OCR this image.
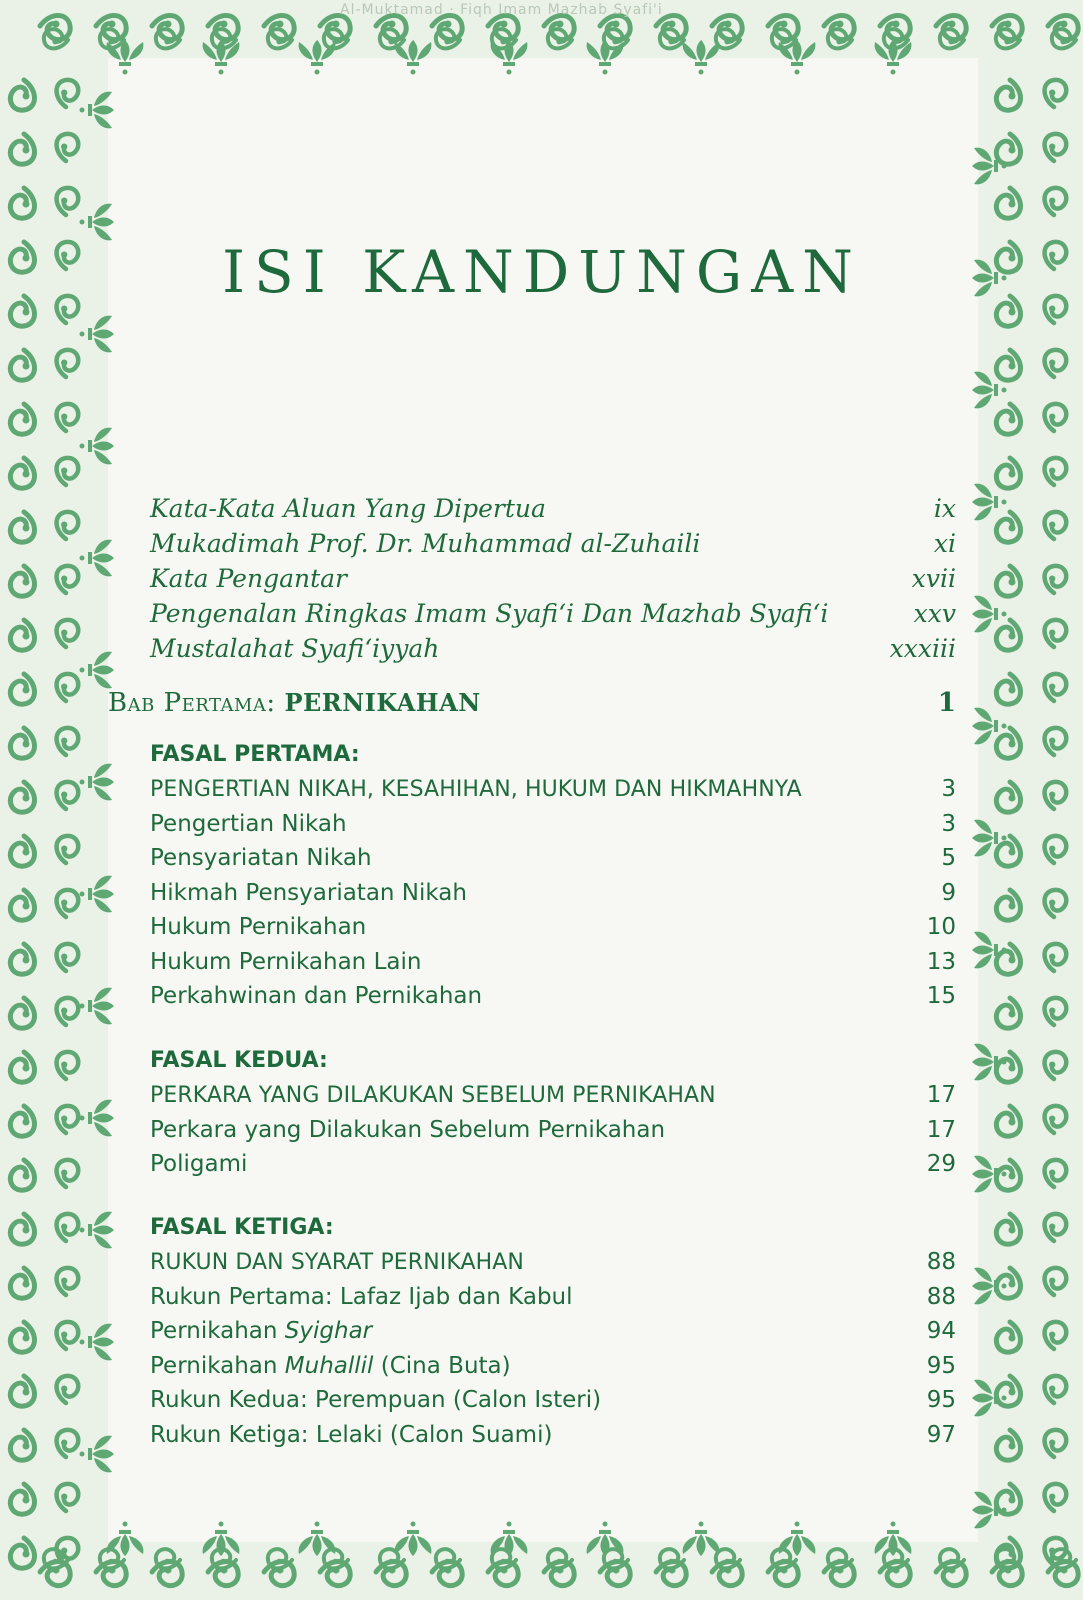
Al-Muktamad · Fiqh Imam Mazhab Syafi'i
ISI KANDUNGAN
Kata-Kata Aluan Yang Dipertua	ix
Mukadimah Prof. Dr. Muhammad al-Zuhaili	xi
Kata Pengantar	xvii
Pengenalan Ringkas Imam Syafi‘i Dan Mazhab Syafi‘i	xxv
Mustalahat Syafi‘iyyah	xxxiii
Bab Pertama: PERNIKAHAN	1
FASAL PERTAMA:
PENGERTIAN NIKAH, KESAHIHAN, HUKUM DAN HIKMAHNYA	3
Pengertian Nikah	3
Pensyariatan Nikah	5
Hikmah Pensyariatan Nikah	9
Hukum Pernikahan	10
Hukum Pernikahan Lain	13
Perkahwinan dan Pernikahan	15
FASAL KEDUA:
PERKARA YANG DILAKUKAN SEBELUM PERNIKAHAN	17
Perkara yang Dilakukan Sebelum Pernikahan	17
Poligami	29
FASAL KETIGA:
RUKUN DAN SYARAT PERNIKAHAN	88
Rukun Pertama: Lafaz Ijab dan Kabul	88
Pernikahan Syighar	94
Pernikahan Muhallil (Cina Buta)	95
Rukun Kedua: Perempuan (Calon Isteri)	95
Rukun Ketiga: Lelaki (Calon Suami)	97
